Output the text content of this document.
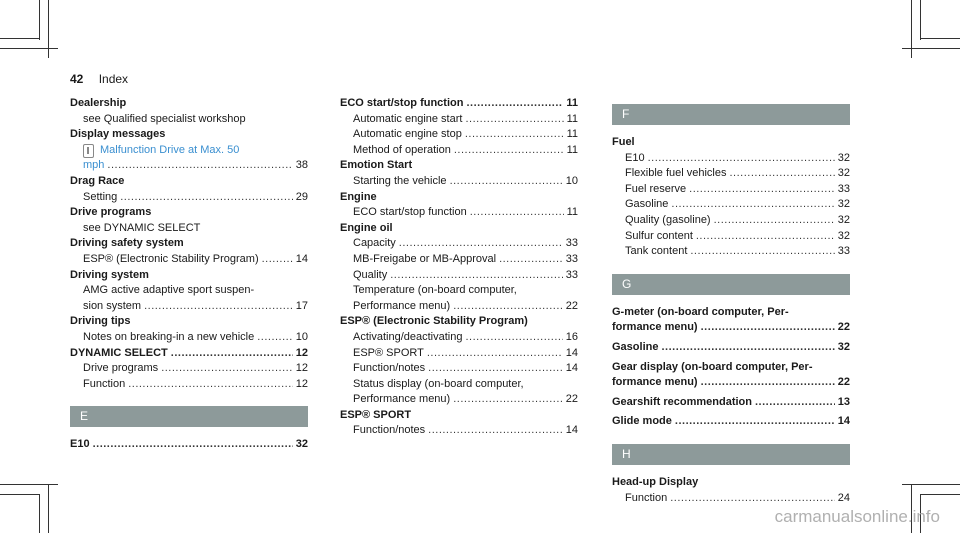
42 Index
Dealership
see Qualified specialist workshop
Display messages
Malfunction Drive at Max. 50
mph .....	38
Drag Race
Setting .....	29
Drive programs
see DYNAMIC SELECT
Driving safety system
ESP® (Electronic Stability Program) .....	14
Driving system
AMG active adaptive sport suspen-
sion system .....	17
Driving tips
Notes on breaking-in a new vehicle .....	10
DYNAMIC SELECT .....	12
Drive programs .....	12
Function .....	12
E
E10 .....	32
ECO start/stop function .....	11
Automatic engine start .....	11
Automatic engine stop .....	11
Method of operation .....	11
Emotion Start
Starting the vehicle .....	10
Engine
ECO start/stop function .....	11
Engine oil
Capacity .....	33
MB-Freigabe or MB-Approval .....	33
Quality .....	33
Temperature (on-board computer,
Performance menu) .....	22
ESP® (Electronic Stability Program)
Activating/deactivating .....	16
ESP® SPORT .....	14
Function/notes .....	14
Status display (on-board computer,
Performance menu) .....	22
ESP® SPORT
Function/notes .....	14
F
Fuel
E10 .....	32
Flexible fuel vehicles .....	32
Fuel reserve .....	33
Gasoline .....	32
Quality (gasoline) .....	32
Sulfur content .....	32
Tank content .....	33
G
G-meter (on-board computer, Per-
formance menu) .....	22
Gasoline .....	32
Gear display (on-board computer, Per-
formance menu) .....	22
Gearshift recommendation .....	13
Glide mode .....	14
H
Head-up Display
Function .....	24
carmanualsonline.info
